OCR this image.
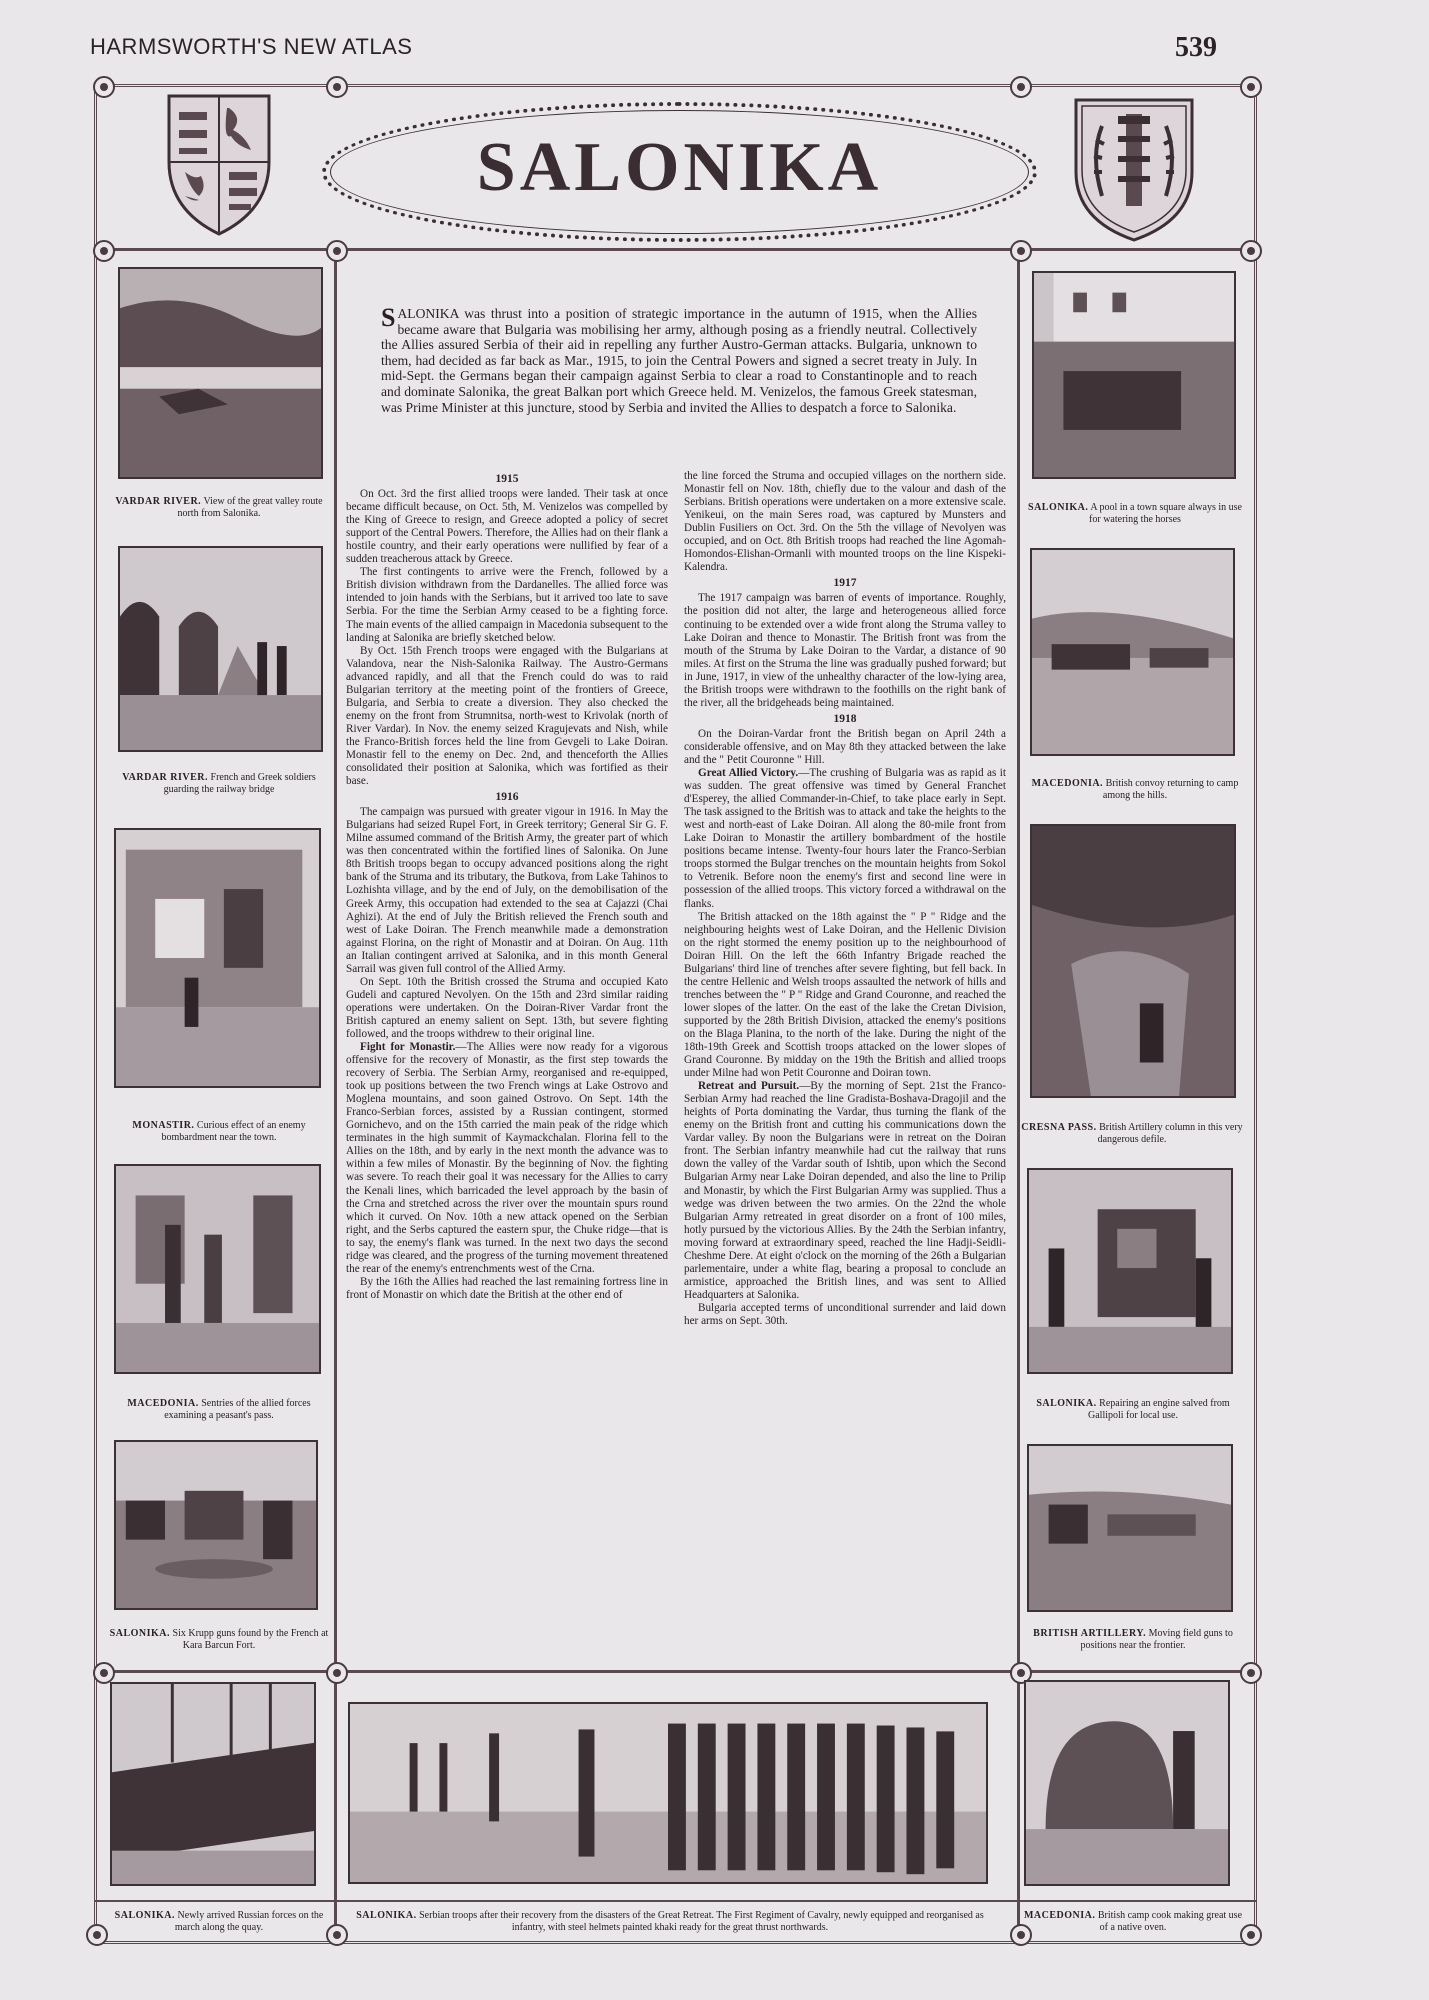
HARMSWORTH'S NEW ATLAS	539
SALONIKA
VARDAR RIVER. View of the great valley route north from Salonika.
VARDAR RIVER. French and Greek soldiers guarding the railway bridge
MONASTIR. Curious effect of an enemy bombardment near the town.
MACEDONIA. Sentries of the allied forces examining a peasant's pass.
SALONIKA. Six Krupp guns found by the French at Kara Barcun Fort.
SALONIKA. A pool in a town square always in use for watering the horses
MACEDONIA. British convoy returning to camp among the hills.
CRESNA PASS. British Artillery column in this very dangerous defile.
SALONIKA. Repairing an engine salved from Gallipoli for local use.
BRITISH ARTILLERY. Moving field guns to positions near the frontier.
SALONIKA. Newly arrived Russian forces on the march along the quay.
SALONIKA. Serbian troops after their recovery from the disasters of the Great Retreat. The First Regiment of Cavalry, newly equipped and reorganised as infantry, with steel helmets painted khaki ready for the great thrust northwards.
MACEDONIA. British camp cook making great use of a native oven.
SALONIKA was thrust into a position of strategic importance in the autumn of 1915, when the Allies became aware that Bulgaria was mobilising her army, although posing as a friendly neutral. Collectively the Allies assured Serbia of their aid in repelling any further Austro-German attacks. Bulgaria, unknown to them, had decided as far back as Mar., 1915, to join the Central Powers and signed a secret treaty in July. In mid-Sept. the Germans began their campaign against Serbia to clear a road to Constantinople and to reach and dominate Salonika, the great Balkan port which Greece held. M. Venizelos, the famous Greek statesman, was Prime Minister at this juncture, stood by Serbia and invited the Allies to despatch a force to Salonika.
1915

On Oct. 3rd the first allied troops were landed. Their task at once became difficult because, on Oct. 5th, M. Venizelos was compelled by the King of Greece to resign, and Greece adopted a policy of secret support of the Central Powers. Therefore, the Allies had on their flank a hostile country, and their early operations were nullified by fear of a sudden treacherous attack by Greece.

The first contingents to arrive were the French, followed by a British division withdrawn from the Dardanelles. The allied force was intended to join hands with the Serbians, but it arrived too late to save Serbia. For the time the Serbian Army ceased to be a fighting force. The main events of the allied campaign in Macedonia subsequent to the landing at Salonika are briefly sketched below.

By Oct. 15th French troops were engaged with the Bulgarians at Valandova, near the Nish-Salonika Railway. The Austro-Germans advanced rapidly, and all that the French could do was to raid Bulgarian territory at the meeting point of the frontiers of Greece, Bulgaria, and Serbia to create a diversion. They also checked the enemy on the front from Strumnitsa, north-west to Krivolak (north of River Vardar). In Nov. the enemy seized Kragujevats and Nish, while the Franco-British forces held the line from Gevgeli to Lake Doiran. Monastir fell to the enemy on Dec. 2nd, and thenceforth the Allies consolidated their position at Salonika, which was fortified as their base.

1916

The campaign was pursued with greater vigour in 1916. In May the Bulgarians had seized Rupel Fort, in Greek territory; General Sir G. F. Milne assumed command of the British Army, the greater part of which was then concentrated within the fortified lines of Salonika. On June 8th British troops began to occupy advanced positions along the right bank of the Struma and its tributary, the Butkova, from Lake Tahinos to Lozhishta village, and by the end of July, on the demobilisation of the Greek Army, this occupation had extended to the sea at Cajazzi (Chai Aghizi). At the end of July the British relieved the French south and west of Lake Doiran. The French meanwhile made a demonstration against Florina, on the right of Monastir and at Doiran. On Aug. 11th an Italian contingent arrived at Salonika, and in this month General Sarrail was given full control of the Allied Army.

On Sept. 10th the British crossed the Struma and occupied Kato Gudeli and captured Nevolyen. On the 15th and 23rd similar raiding operations were undertaken. On the Doiran-River Vardar front the British captured an enemy salient on Sept. 13th, but severe fighting followed, and the troops withdrew to their original line.

Fight for Monastir.—The Allies were now ready for a vigorous offensive for the recovery of Monastir, as the first step towards the recovery of Serbia. The Serbian Army, reorganised and re-equipped, took up positions between the two French wings at Lake Ostrovo and Moglena mountains, and soon gained Ostrovo. On Sept. 14th the Franco-Serbian forces, assisted by a Russian contingent, stormed Gornichevo, and on the 15th carried the main peak of the ridge which terminates in the high summit of Kaymackchalan. Florina fell to the Allies on the 18th, and by early in the next month the advance was to within a few miles of Monastir. By the beginning of Nov. the fighting was severe. To reach their goal it was necessary for the Allies to carry the Kenali lines, which barricaded the level approach by the basin of the Crna and stretched across the river over the mountain spurs round which it curved. On Nov. 10th a new attack opened on the Serbian right, and the Serbs captured the eastern spur, the Chuke ridge—that is to say, the enemy's flank was turned. In the next two days the second ridge was cleared, and the progress of the turning movement threatened the rear of the enemy's entrenchments west of the Crna.

By the 16th the Allies had reached the last remaining fortress line in front of Monastir on which date the British at the other end of

the line forced the Struma and occupied villages on the northern side. Monastir fell on Nov. 18th, chiefly due to the valour and dash of the Serbians. British operations were undertaken on a more extensive scale. Yenikeui, on the main Seres road, was captured by Munsters and Dublin Fusiliers on Oct. 3rd. On the 5th the village of Nevolyen was occupied, and on Oct. 8th British troops had reached the line Agomah-Homondos-Elishan-Ormanli with mounted troops on the line Kispeki-Kalendra.

1917

The 1917 campaign was barren of events of importance. Roughly, the position did not alter, the large and heterogeneous allied force continuing to be extended over a wide front along the Struma valley to Lake Doiran and thence to Monastir. The British front was from the mouth of the Struma by Lake Doiran to the Vardar, a distance of 90 miles. At first on the Struma the line was gradually pushed forward; but in June, 1917, in view of the unhealthy character of the low-lying area, the British troops were withdrawn to the foothills on the right bank of the river, all the bridgeheads being maintained.

1918

On the Doiran-Vardar front the British began on April 24th a considerable offensive, and on May 8th they attacked between the lake and the " Petit Couronne " Hill.

Great Allied Victory.—The crushing of Bulgaria was as rapid as it was sudden. The great offensive was timed by General Franchet d'Esperey, the allied Commander-in-Chief, to take place early in Sept. The task assigned to the British was to attack and take the heights to the west and north-east of Lake Doiran. All along the 80-mile front from Lake Doiran to Monastir the artillery bombardment of the hostile positions became intense. Twenty-four hours later the Franco-Serbian troops stormed the Bulgar trenches on the mountain heights from Sokol to Vetrenik. Before noon the enemy's first and second line were in possession of the allied troops. This victory forced a withdrawal on the flanks.

The British attacked on the 18th against the " P " Ridge and the neighbouring heights west of Lake Doiran, and the Hellenic Division on the right stormed the enemy position up to the neighbourhood of Doiran Hill. On the left the 66th Infantry Brigade reached the Bulgarians' third line of trenches after severe fighting, but fell back. In the centre Hellenic and Welsh troops assaulted the network of hills and trenches between the " P " Ridge and Grand Couronne, and reached the lower slopes of the latter. On the east of the lake the Cretan Division, supported by the 28th British Division, attacked the enemy's positions on the Blaga Planina, to the north of the lake. During the night of the 18th-19th Greek and Scottish troops attacked on the lower slopes of Grand Couronne. By midday on the 19th the British and allied troops under Milne had won Petit Couronne and Doiran town.

Retreat and Pursuit.—By the morning of Sept. 21st the Franco-Serbian Army had reached the line Gradista-Boshava-Dragojil and the heights of Porta dominating the Vardar, thus turning the flank of the enemy on the British front and cutting his communications down the Vardar valley. By noon the Bulgarians were in retreat on the Doiran front. The Serbian infantry meanwhile had cut the railway that runs down the valley of the Vardar south of Ishtib, upon which the Second Bulgarian Army near Lake Doiran depended, and also the line to Prilip and Monastir, by which the First Bulgarian Army was supplied. Thus a wedge was driven between the two armies. On the 22nd the whole Bulgarian Army retreated in great disorder on a front of 100 miles, hotly pursued by the victorious Allies. By the 24th the Serbian infantry, moving forward at extraordinary speed, reached the line Hadji-Seidli-Cheshme Dere. At eight o'clock on the morning of the 26th a Bulgarian parlementaire, under a white flag, bearing a proposal to conclude an armistice, approached the British lines, and was sent to Allied Headquarters at Salonika.

Bulgaria accepted terms of unconditional surrender and laid down her arms on Sept. 30th.
